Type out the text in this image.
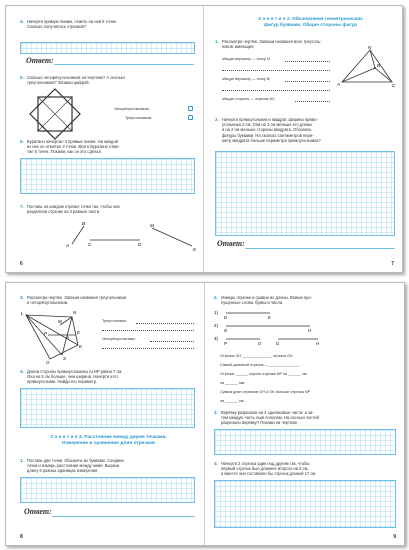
4. Начерти прямую линию, отметь на ней 5 точек.
Сколько получилось отрезков?
Ответ:
5. Сколько четырёхугольников на чертеже? А сколько
треугольников? Запиши цифрой.
Четырёхугольников:
Треугольников:
6. Буратино начертил 3 прямые линии. На каждой
из них он отметил 3 точки. Всего Буратино отме-
тил 6 точек. Покажи, как он это сделал.
7. Поставь на каждом отрезке точки так, чтобы они
разделили отрезки на 3 равные части.
B
A	C	D
M
K
6
З а н я т и е 2. Обозначение геометрических
фигур буквами. Общие стороны фигур
1. Рассмотри чертёж. Запиши названия всех треуголь-
ников, имеющих:
общую вершину — точку N:
общую вершину — точку B:
общую сторону — отрезок AC:
N
B
A	C
2. Начерти прямоугольник и квадрат. Ширина прямо-
угольника 2 см. Она на 3 см меньше его длины
и на 2 см меньше стороны квадрата. Обозначь
фигуры буквами. На сколько сантиметров пери-
метр квадрата больше периметра прямоугольника?
Ответ:
7
3. Рассмотри чертёж. Запиши названия треугольников
и четырёхугольников.
L	N
M
E
P
K
S
O
A
Треугольники:
Четырёхугольники:
4. Длина стороны прямоугольника ALNP равна 7 см.
Она на 5 см больше, чем ширина. Начерти этот
прямоугольник. Найди его периметр.
З а н я т и е 3. Расстояние между двумя точками.
Измерение и сравнение длин отрезков
1. Поставь две точки. Обозначь их буквами. Соедини
точки и измерь расстояние между ними. Вырази
длину в разных единицах измерения.
Ответ:
8
2. Измерь отрезки и сравни их длины. Впиши про-
пущенные слова, буквы и числа.
1)
D	K
2)
N	H
3)
P	O	G	H
Отрезок GH ______________ отрезка OK.
Самый длинный отрезок — ______________.
Отрезок ______ короче отрезка NP на ______ см
на ______ мм.
Сумма длин отрезков GH и OK больше отрезка NP
на ______ см.
3. Верёвку разрезали на 4 одинаковые части, а за-
тем каждую часть ещё пополам. На сколько частей
разрезали верёвку? Покажи на чертеже.
4. Начерти 2 отрезка один под другим так, чтобы
первый отрезок был длиннее второго на 5 см,
а вместе они составили бы отрезок длиной 17 см.
9
